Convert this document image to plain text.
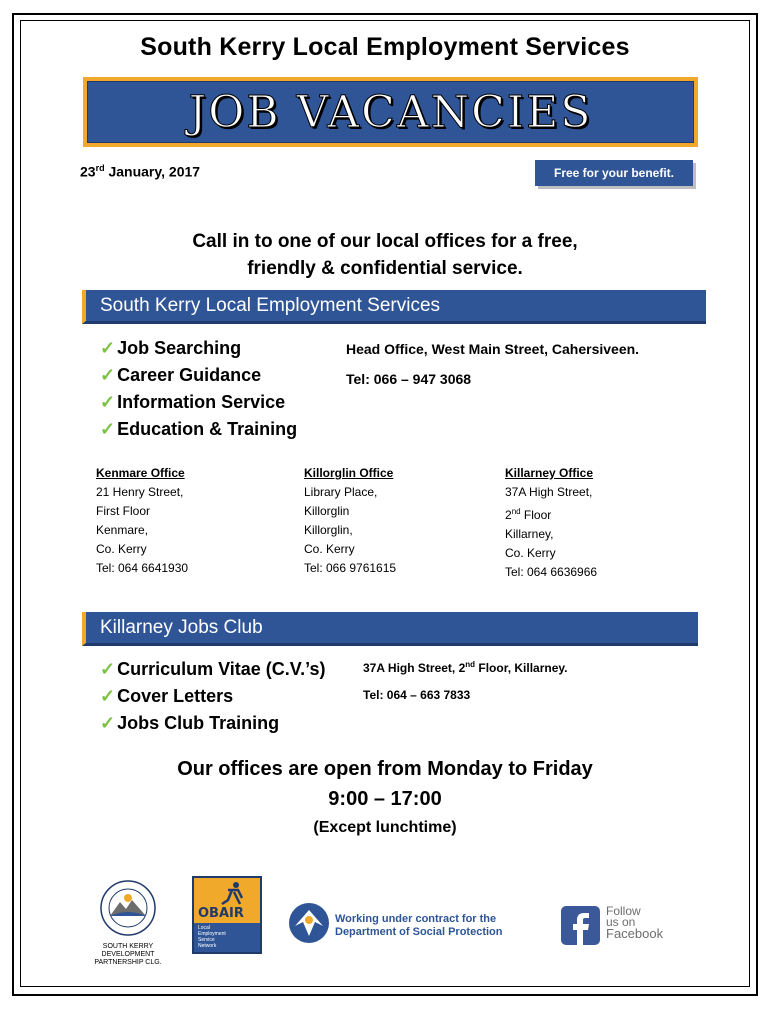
South Kerry Local Employment Services
JOB VACANCIES
23rd January, 2017	Free for your benefit.
Call in to one of our local offices for a free,
friendly & confidential service.
South Kerry Local Employment Services
✓ Job Searching
✓ Career Guidance
✓ Information Service
✓ Education & Training
Head Office, West Main Street, Cahersiveen.
Tel: 066 – 947 3068
Kenmare Office
21 Henry Street,
First Floor
Kenmare,
Co. Kerry
Tel: 064 6641930
Killorglin Office
Library Place,
Killorglin
Killorglin,
Co. Kerry
Tel: 066 9761615
Killarney Office
37A High Street,
2nd Floor
Killarney,
Co. Kerry
Tel: 064 6636966
Killarney Jobs Club
✓ Curriculum Vitae (C.V.’s)
✓ Cover Letters
✓ Jobs Club Training
37A High Street, 2nd Floor, Killarney.
Tel: 064 – 663 7833
Our offices are open from Monday to Friday
9:00 – 17:00
(Except lunchtime)
SOUTH KERRY DEVELOPMENT
PARTNERSHIP CLG.
OBAIR
Local
Employment
Service
Network
Working under contract for the
Department of Social Protection
Follow
us on
Facebook
